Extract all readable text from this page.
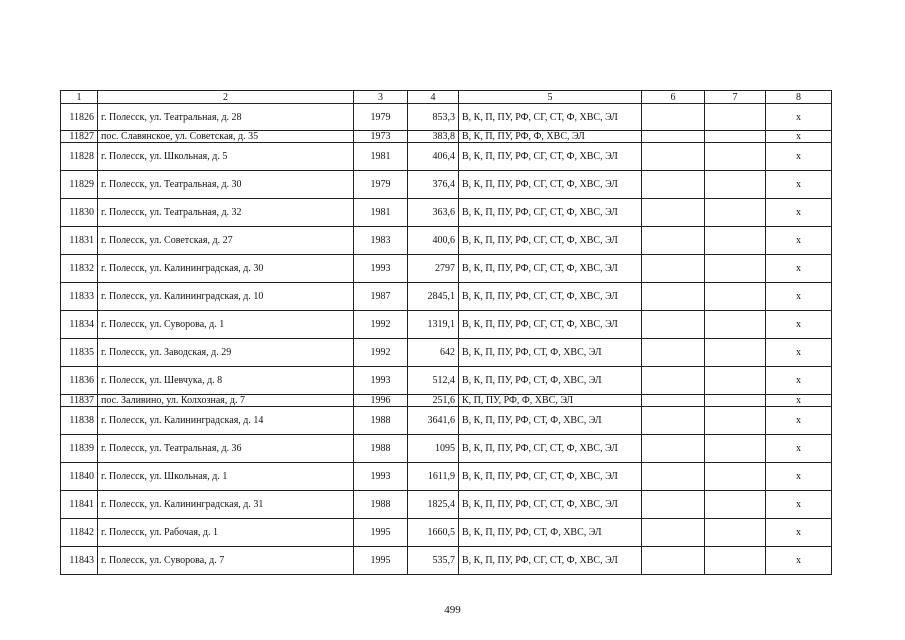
1	2	3	4	5	6	7	8
11826	г. Полесск, ул. Театральная, д. 28	1979	853,3	В, К, П, ПУ, РФ, СГ, СТ, Ф, ХВС, ЭЛ			x
11827	пос. Славянское, ул. Советская, д. 35	1973	383,8	В, К, П, ПУ, РФ, Ф, ХВС, ЭЛ			x
11828	г. Полесск, ул. Школьная, д. 5	1981	406,4	В, К, П, ПУ, РФ, СГ, СТ, Ф, ХВС, ЭЛ			x
11829	г. Полесск, ул. Театральная, д. 30	1979	376,4	В, К, П, ПУ, РФ, СГ, СТ, Ф, ХВС, ЭЛ			x
11830	г. Полесск, ул. Театральная, д. 32	1981	363,6	В, К, П, ПУ, РФ, СГ, СТ, Ф, ХВС, ЭЛ			x
11831	г. Полесск, ул. Советская, д. 27	1983	400,6	В, К, П, ПУ, РФ, СГ, СТ, Ф, ХВС, ЭЛ			x
11832	г. Полесск, ул. Калининградская, д. 30	1993	2797	В, К, П, ПУ, РФ, СГ, СТ, Ф, ХВС, ЭЛ			x
11833	г. Полесск, ул. Калининградская, д. 10	1987	2845,1	В, К, П, ПУ, РФ, СГ, СТ, Ф, ХВС, ЭЛ			x
11834	г. Полесск, ул. Суворова, д. 1	1992	1319,1	В, К, П, ПУ, РФ, СГ, СТ, Ф, ХВС, ЭЛ			x
11835	г. Полесск, ул. Заводская, д. 29	1992	642	В, К, П, ПУ, РФ, СТ, Ф, ХВС, ЭЛ			x
11836	г. Полесск, ул. Шевчука, д. 8	1993	512,4	В, К, П, ПУ, РФ, СТ, Ф, ХВС, ЭЛ			x
11837	пос. Заливино, ул. Колхозная, д. 7	1996	251,6	К, П, ПУ, РФ, Ф, ХВС, ЭЛ			x
11838	г. Полесск, ул. Калининградская, д. 14	1988	3641,6	В, К, П, ПУ, РФ, СТ, Ф, ХВС, ЭЛ			x
11839	г. Полесск, ул. Театральная, д. 36	1988	1095	В, К, П, ПУ, РФ, СГ, СТ, Ф, ХВС, ЭЛ			x
11840	г. Полесск, ул. Школьная, д. 1	1993	1611,9	В, К, П, ПУ, РФ, СГ, СТ, Ф, ХВС, ЭЛ			x
11841	г. Полесск, ул. Калининградская, д. 31	1988	1825,4	В, К, П, ПУ, РФ, СГ, СТ, Ф, ХВС, ЭЛ			x
11842	г. Полесск, ул. Рабочая, д. 1	1995	1660,5	В, К, П, ПУ, РФ, СТ, Ф, ХВС, ЭЛ			x
11843	г. Полесск, ул. Суворова, д. 7	1995	535,7	В, К, П, ПУ, РФ, СГ, СТ, Ф, ХВС, ЭЛ			x
499
